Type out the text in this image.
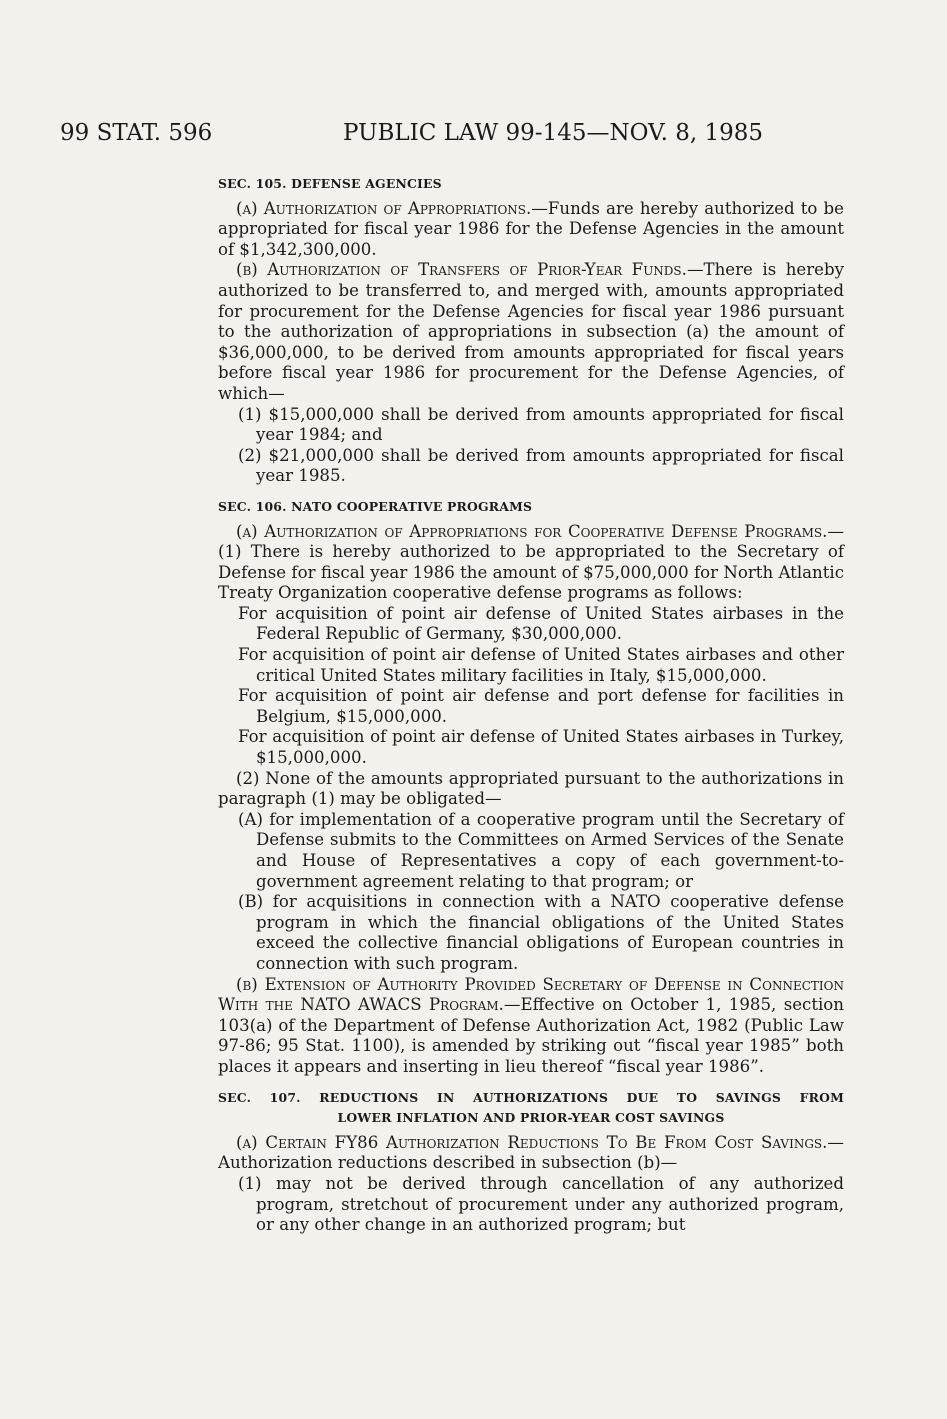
99 STAT. 596	PUBLIC LAW 99-145—NOV. 8, 1985
SEC. 105. DEFENSE AGENCIES

(a) Authorization of Appropriations.—Funds are hereby authorized to be appropriated for fiscal year 1986 for the Defense Agencies in the amount of $1,342,300,000.

(b) Authorization of Transfers of Prior-Year Funds.—There is hereby authorized to be transferred to, and merged with, amounts appropriated for procurement for the Defense Agencies for fiscal year 1986 pursuant to the authorization of appropriations in subsection (a) the amount of $36,000,000, to be derived from amounts appropriated for fiscal years before fiscal year 1986 for procurement for the Defense Agencies, of which—

(1) $15,000,000 shall be derived from amounts appropriated for fiscal year 1984; and

(2) $21,000,000 shall be derived from amounts appropriated for fiscal year 1985.

SEC. 106. NATO COOPERATIVE PROGRAMS

(a) Authorization of Appropriations for Cooperative Defense Programs.—(1) There is hereby authorized to be appropriated to the Secretary of Defense for fiscal year 1986 the amount of $75,000,000 for North Atlantic Treaty Organization cooperative defense programs as follows:

For acquisition of point air defense of United States airbases in the Federal Republic of Germany, $30,000,000.

For acquisition of point air defense of United States airbases and other critical United States military facilities in Italy, $15,000,000.

For acquisition of point air defense and port defense for facilities in Belgium, $15,000,000.

For acquisition of point air defense of United States airbases in Turkey, $15,000,000.

(2) None of the amounts appropriated pursuant to the authorizations in paragraph (1) may be obligated—

(A) for implementation of a cooperative program until the Secretary of Defense submits to the Committees on Armed Services of the Senate and House of Representatives a copy of each government-to-government agreement relating to that program; or

(B) for acquisitions in connection with a NATO cooperative defense program in which the financial obligations of the United States exceed the collective financial obligations of European countries in connection with such program.

(b) Extension of Authority Provided Secretary of Defense in Connection With the NATO AWACS Program.—Effective on October 1, 1985, section 103(a) of the Department of Defense Authorization Act, 1982 (Public Law 97-86; 95 Stat. 1100), is amended by striking out “fiscal year 1985” both places it appears and inserting in lieu thereof “fiscal year 1986”.

SEC. 107. REDUCTIONS IN AUTHORIZATIONS DUE TO SAVINGS FROM
LOWER INFLATION AND PRIOR-YEAR COST SAVINGS

(a) Certain FY86 Authorization Reductions To Be From Cost Savings.—Authorization reductions described in subsection (b)—

(1) may not be derived through cancellation of any authorized program, stretchout of procurement under any authorized program, or any other change in an authorized program; but
